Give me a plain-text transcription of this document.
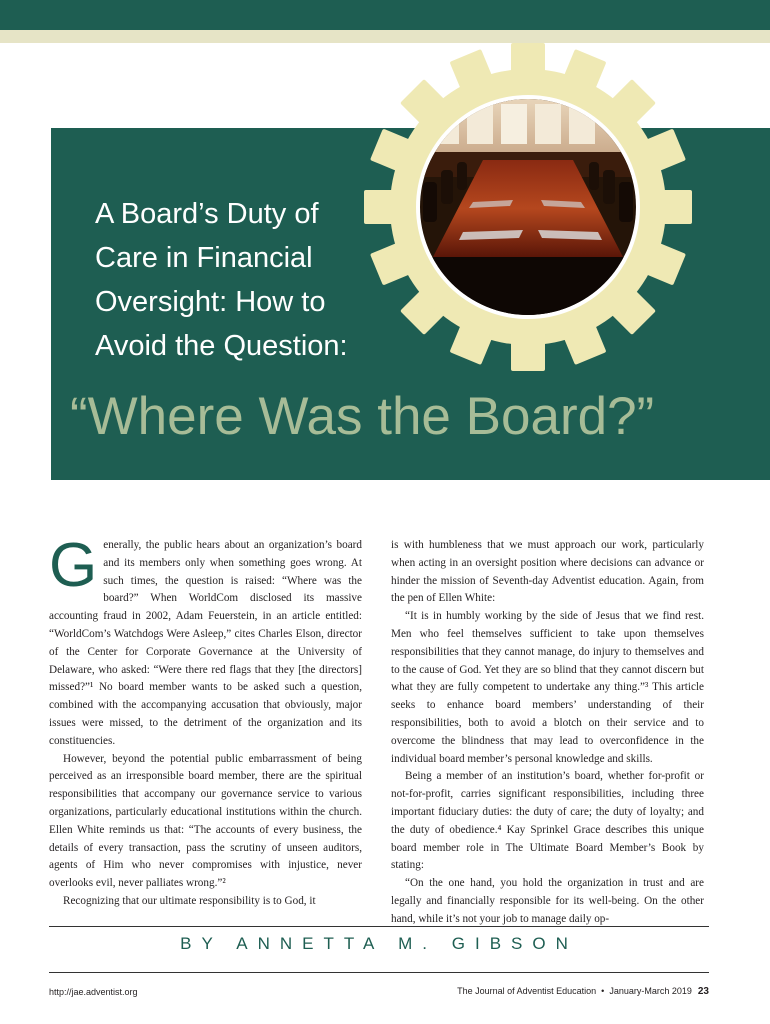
A Board’s Duty of
Care in Financial
Oversight: How to
Avoid the Question:
“Where Was the Board?”

Generally, the public hears about an organization’s board and its members only when something goes wrong. At such times, the question is raised: “Where was the board?” When WorldCom disclosed its massive accounting fraud in 2002, Adam Feuerstein, in an article entitled: “WorldCom’s Watchdogs Were Asleep,” cites Charles Elson, director of the Center for Corporate Governance at the University of Delaware, who asked: “Were there red flags that they [the directors] missed?”¹ No board member wants to be asked such a question, combined with the accompanying accusation that obviously, major issues were missed, to the detriment of the organization and its constituencies.

However, beyond the potential public embarrassment of being perceived as an irresponsible board member, there are the spiritual responsibilities that accompany our governance service to various organizations, particularly educational institutions within the church. Ellen White reminds us that: “The accounts of every business, the details of every transaction, pass the scrutiny of unseen auditors, agents of Him who never compromises with injustice, never overlooks evil, never palliates wrong.”²

Recognizing that our ultimate responsibility is to God, it

is with humbleness that we must approach our work, particularly when acting in an oversight position where decisions can advance or hinder the mission of Seventh-day Adventist education. Again, from the pen of Ellen White:

“It is in humbly working by the side of Jesus that we find rest. Men who feel themselves sufficient to take upon themselves responsibilities that they cannot manage, do injury to themselves and to the cause of God. Yet they are so blind that they cannot discern but what they are fully competent to undertake any thing.”³ This article seeks to enhance board members’ understanding of their responsibilities, both to avoid a blotch on their service and to overcome the blindness that may lead to overconfidence in the individual board member’s personal knowledge and skills.

Being a member of an institution’s board, whether for-profit or not-for-profit, carries significant responsibilities, including three important fiduciary duties: the duty of care; the duty of loyalty; and the duty of obedience.⁴ Kay Sprinkel Grace describes this unique board member role in The Ultimate Board Member’s Book by stating:

“On the one hand, you hold the organization in trust and are legally and financially responsible for its well-being. On the other hand, while it’s not your job to manage daily op-

BY ANNETTA M. GIBSON
http://jae.adventist.org	The Journal of Adventist Education • January-March 2019 23
